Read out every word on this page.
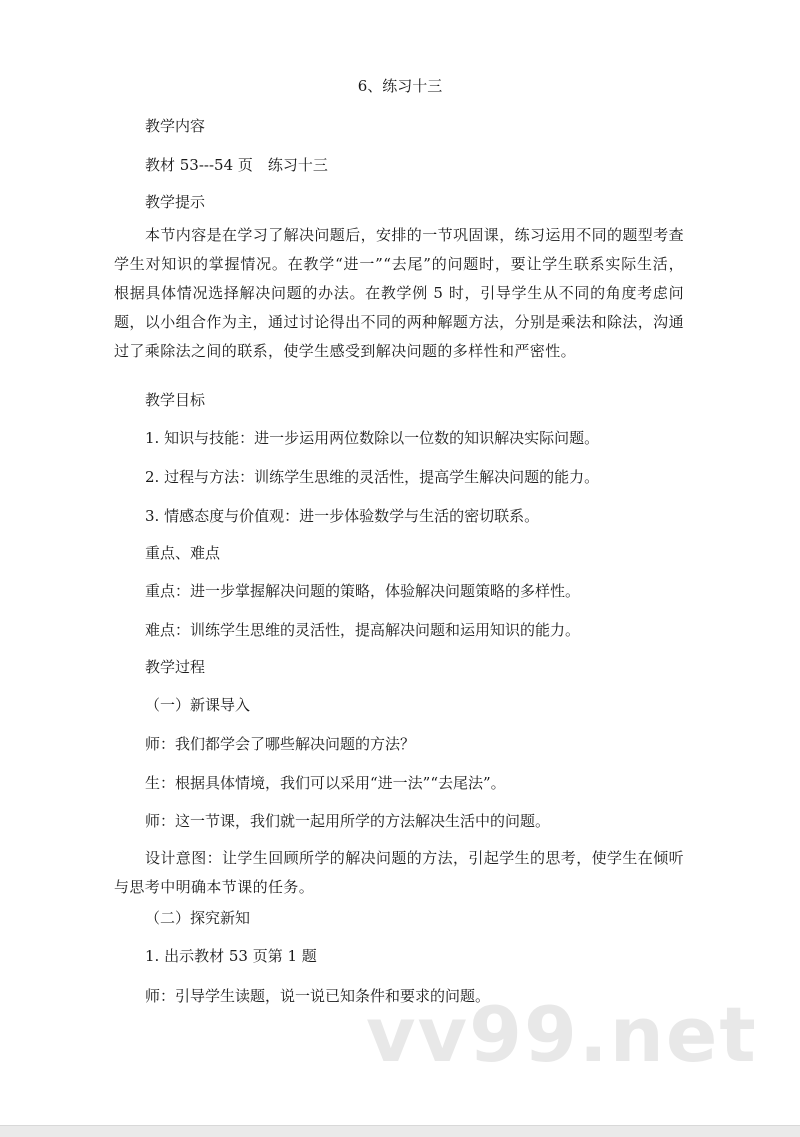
6、练习十三
教学内容
教材 53---54 页　练习十三
教学提示
本节内容是在学习了解决问题后，安排的一节巩固课，练习运用不同的题型考查学生对知识的掌握情况。在教学“进一”“去尾”的问题时，要让学生联系实际生活，根据具体情况选择解决问题的办法。在教学例 5 时，引导学生从不同的角度考虑问题，以小组合作为主，通过讨论得出不同的两种解题方法，分别是乘法和除法，沟通过了乘除法之间的联系，使学生感受到解决问题的多样性和严密性。
教学目标
1. 知识与技能：进一步运用两位数除以一位数的知识解决实际问题。
2. 过程与方法：训练学生思维的灵活性，提高学生解决问题的能力。
3. 情感态度与价值观：进一步体验数学与生活的密切联系。
重点、难点
重点：进一步掌握解决问题的策略，体验解决问题策略的多样性。
难点：训练学生思维的灵活性，提高解决问题和运用知识的能力。
教学过程
（一）新课导入
师：我们都学会了哪些解决问题的方法？
生：根据具体情境，我们可以采用“进一法”“去尾法”。
师：这一节课，我们就一起用所学的方法解决生活中的问题。
设计意图：让学生回顾所学的解决问题的方法，引起学生的思考，使学生在倾听与思考中明确本节课的任务。
（二）探究新知
1. 出示教材 53 页第 1 题
师：引导学生读题，说一说已知条件和要求的问题。
vv99.net
